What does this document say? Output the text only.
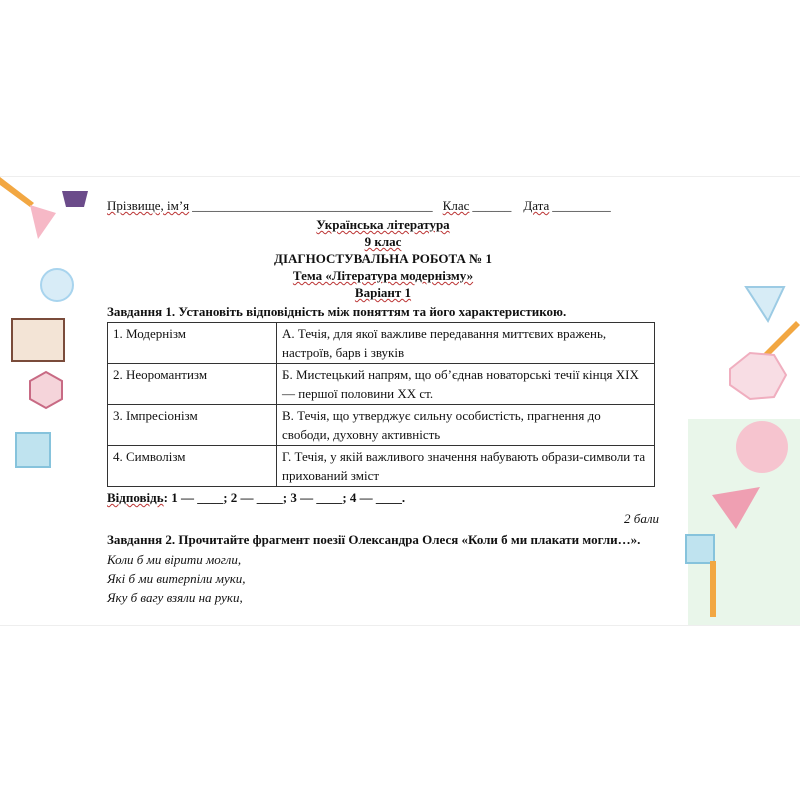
Прізвище, ім’я _____________________________________ Клас ______ Дата _________
Українська література
9 клас
ДІАГНОСТУВАЛЬНА РОБОТА № 1
Тема «Література модернізму»
Варіант 1
Завдання 1. Установіть відповідність між поняттям та його характеристикою.
1. Модернізм	А. Течія, для якої важливе передавання миттєвих вражень, настроїв, барв і звуків
2. Неоромантизм	Б. Мистецький напрям, що об’єднав новаторські течії кінця XIX — першої половини XX ст.
3. Імпресіонізм	В. Течія, що утверджує сильну особистість, прагнення до свободи, духовну активність
4. Символізм	Г. Течія, у якій важливого значення набувають образи-символи та прихований зміст
Відповідь: 1 — ____; 2 — ____; 3 — ____; 4 — ____.
2 бали
Завдання 2. Прочитайте фрагмент поезії Олександра Олеся «Коли б ми плакати могли…».
Коли б ми вірити могли,
Які б ми витерпіли муки,
Яку б вагу взяли на руки,
